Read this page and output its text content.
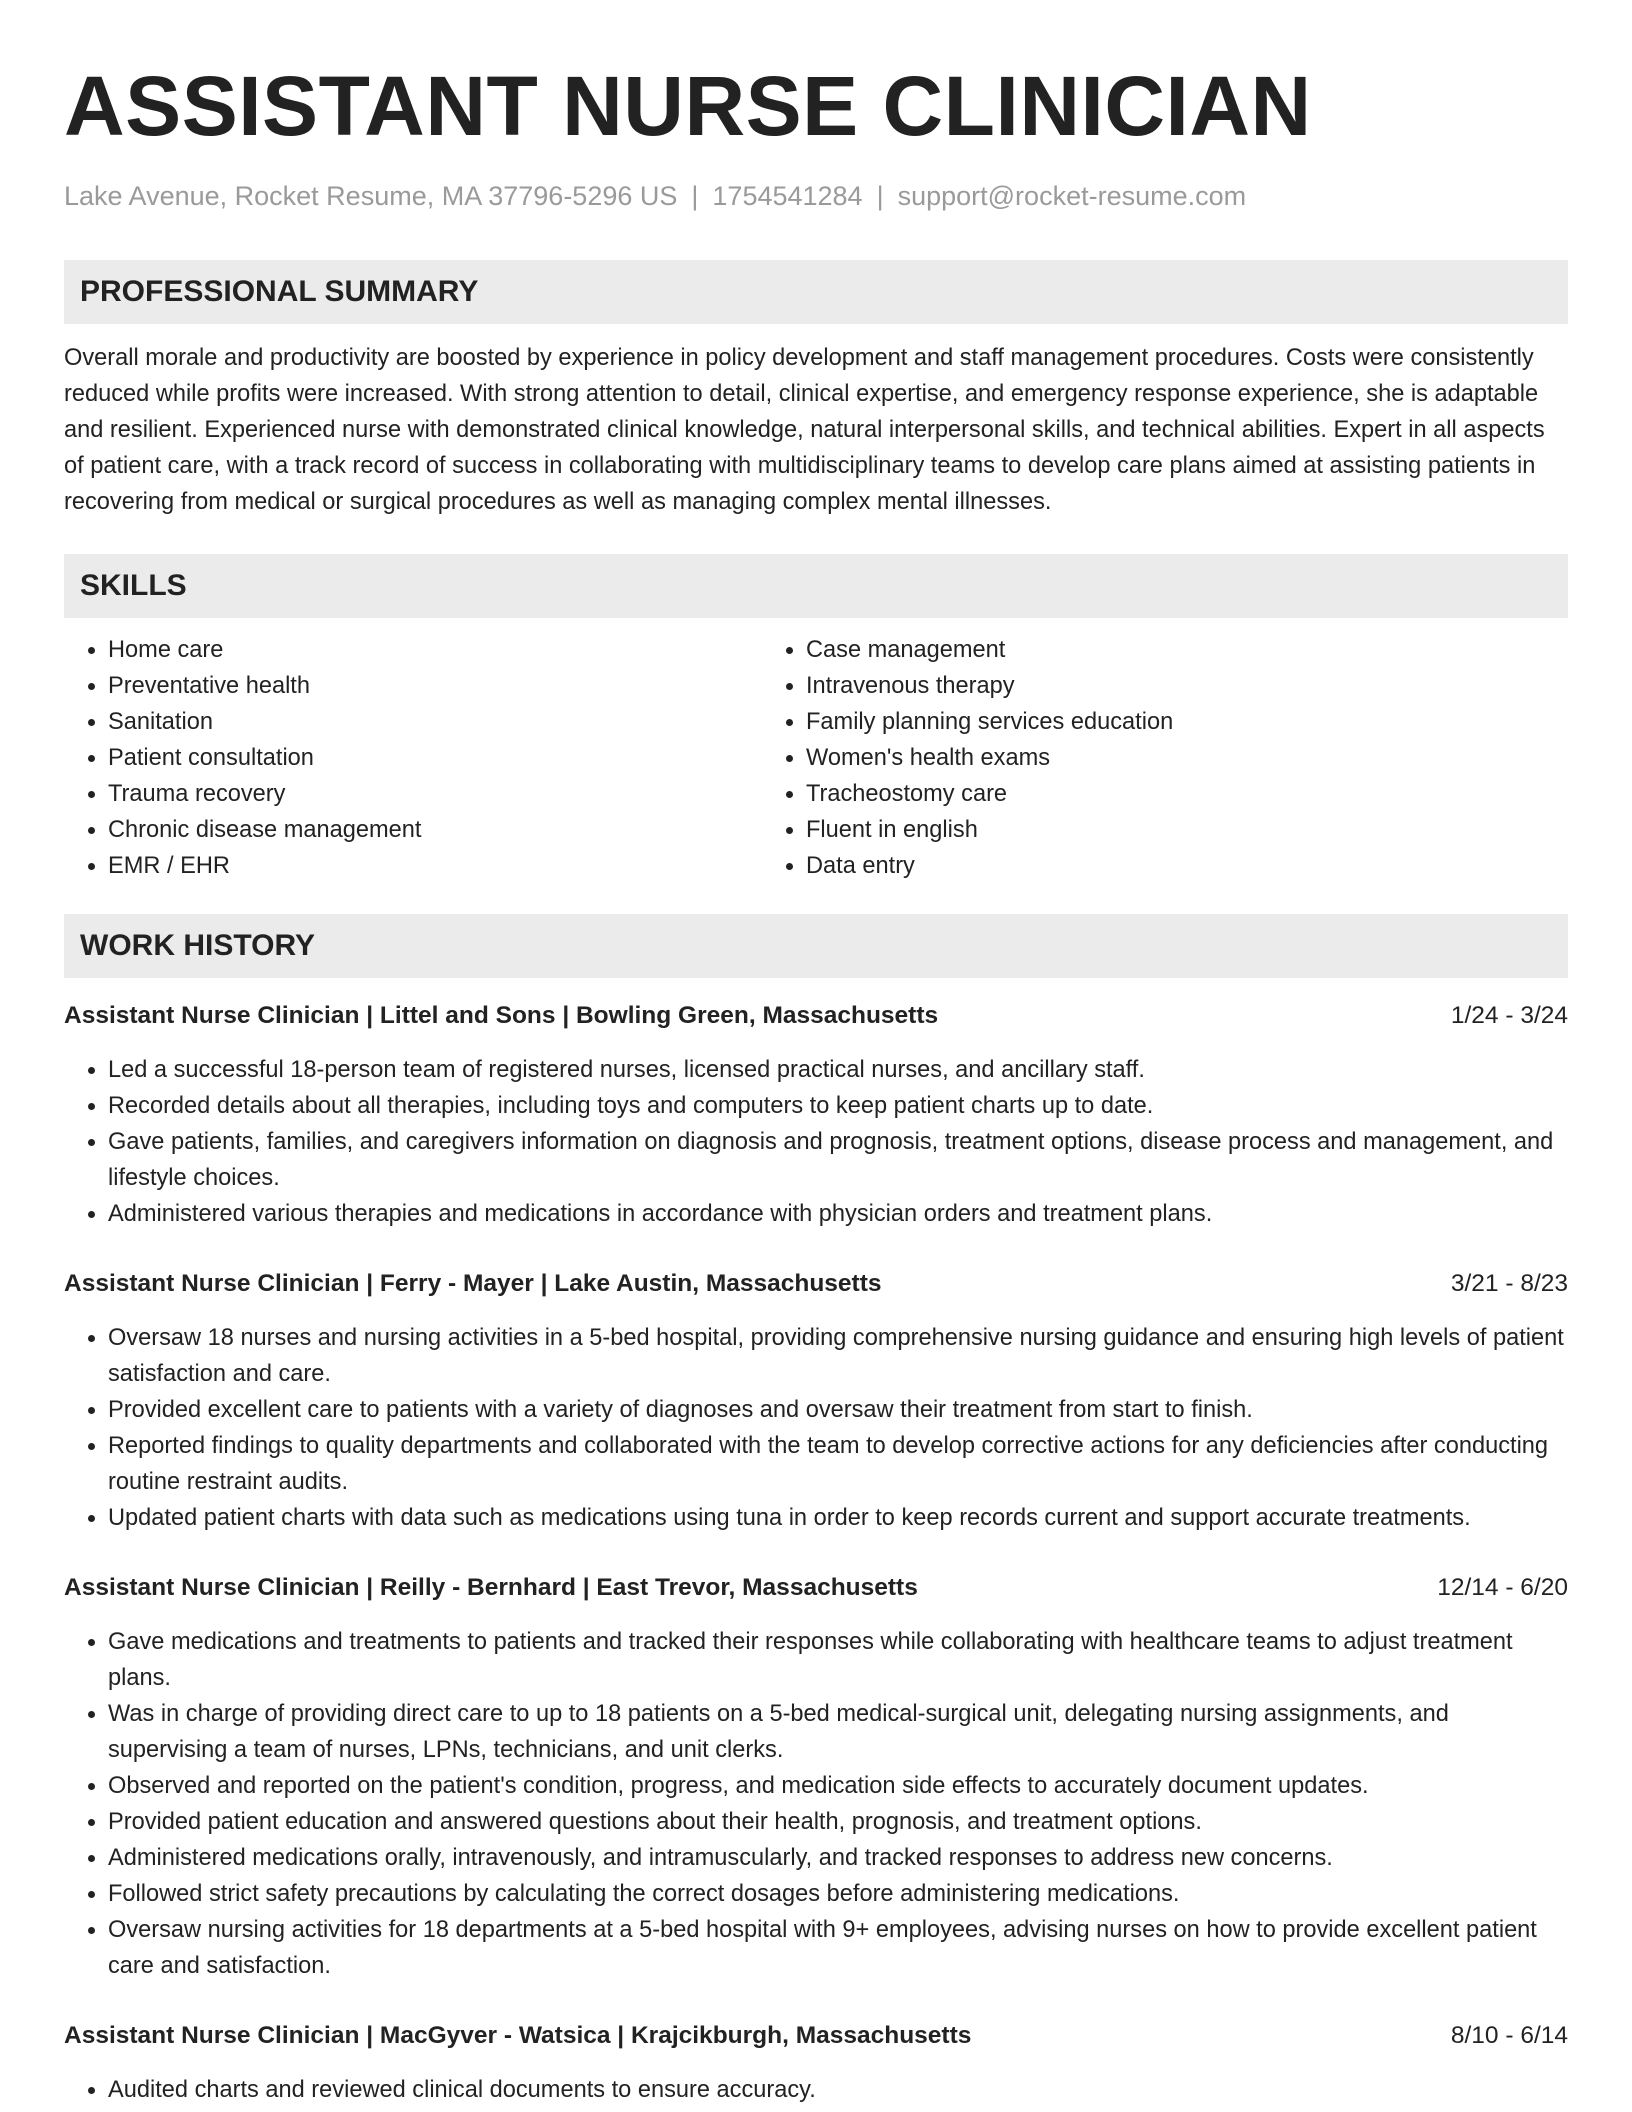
ASSISTANT NURSE CLINICIAN
Lake Avenue, Rocket Resume, MA 37796-5296 US | 1754541284 | support@rocket-resume.com
PROFESSIONAL SUMMARY

Overall morale and productivity are boosted by experience in policy development and staff management procedures. Costs were consistently reduced while profits were increased. With strong attention to detail, clinical expertise, and emergency response experience, she is adaptable and resilient. Experienced nurse with demonstrated clinical knowledge, natural interpersonal skills, and technical abilities. Expert in all aspects of patient care, with a track record of success in collaborating with multidisciplinary teams to develop care plans aimed at assisting patients in recovering from medical or surgical procedures as well as managing complex mental illnesses.

SKILLS
• Home care
• Preventative health
• Sanitation
• Patient consultation
• Trauma recovery
• Chronic disease management
• EMR / EHR
• Case management
• Intravenous therapy
• Family planning services education
• Women's health exams
• Tracheostomy care
• Fluent in english
• Data entry
WORK HISTORY
Assistant Nurse Clinician | Littel and Sons | Bowling Green, Massachusetts	1/24 - 3/24
• Led a successful 18-person team of registered nurses, licensed practical nurses, and ancillary staff.
• Recorded details about all therapies, including toys and computers to keep patient charts up to date.
• Gave patients, families, and caregivers information on diagnosis and prognosis, treatment options, disease process and management, and lifestyle choices.
• Administered various therapies and medications in accordance with physician orders and treatment plans.
Assistant Nurse Clinician | Ferry - Mayer | Lake Austin, Massachusetts	3/21 - 8/23
• Oversaw 18 nurses and nursing activities in a 5-bed hospital, providing comprehensive nursing guidance and ensuring high levels of patient satisfaction and care.
• Provided excellent care to patients with a variety of diagnoses and oversaw their treatment from start to finish.
• Reported findings to quality departments and collaborated with the team to develop corrective actions for any deficiencies after conducting routine restraint audits.
• Updated patient charts with data such as medications using tuna in order to keep records current and support accurate treatments.
Assistant Nurse Clinician | Reilly - Bernhard | East Trevor, Massachusetts	12/14 - 6/20
• Gave medications and treatments to patients and tracked their responses while collaborating with healthcare teams to adjust treatment plans.
• Was in charge of providing direct care to up to 18 patients on a 5-bed medical-surgical unit, delegating nursing assignments, and supervising a team of nurses, LPNs, technicians, and unit clerks.
• Observed and reported on the patient's condition, progress, and medication side effects to accurately document updates.
• Provided patient education and answered questions about their health, prognosis, and treatment options.
• Administered medications orally, intravenously, and intramuscularly, and tracked responses to address new concerns.
• Followed strict safety precautions by calculating the correct dosages before administering medications.
• Oversaw nursing activities for 18 departments at a 5-bed hospital with 9+ employees, advising nurses on how to provide excellent patient care and satisfaction.
Assistant Nurse Clinician | MacGyver - Watsica | Krajcikburgh, Massachusetts	8/10 - 6/14
• Audited charts and reviewed clinical documents to ensure accuracy.
